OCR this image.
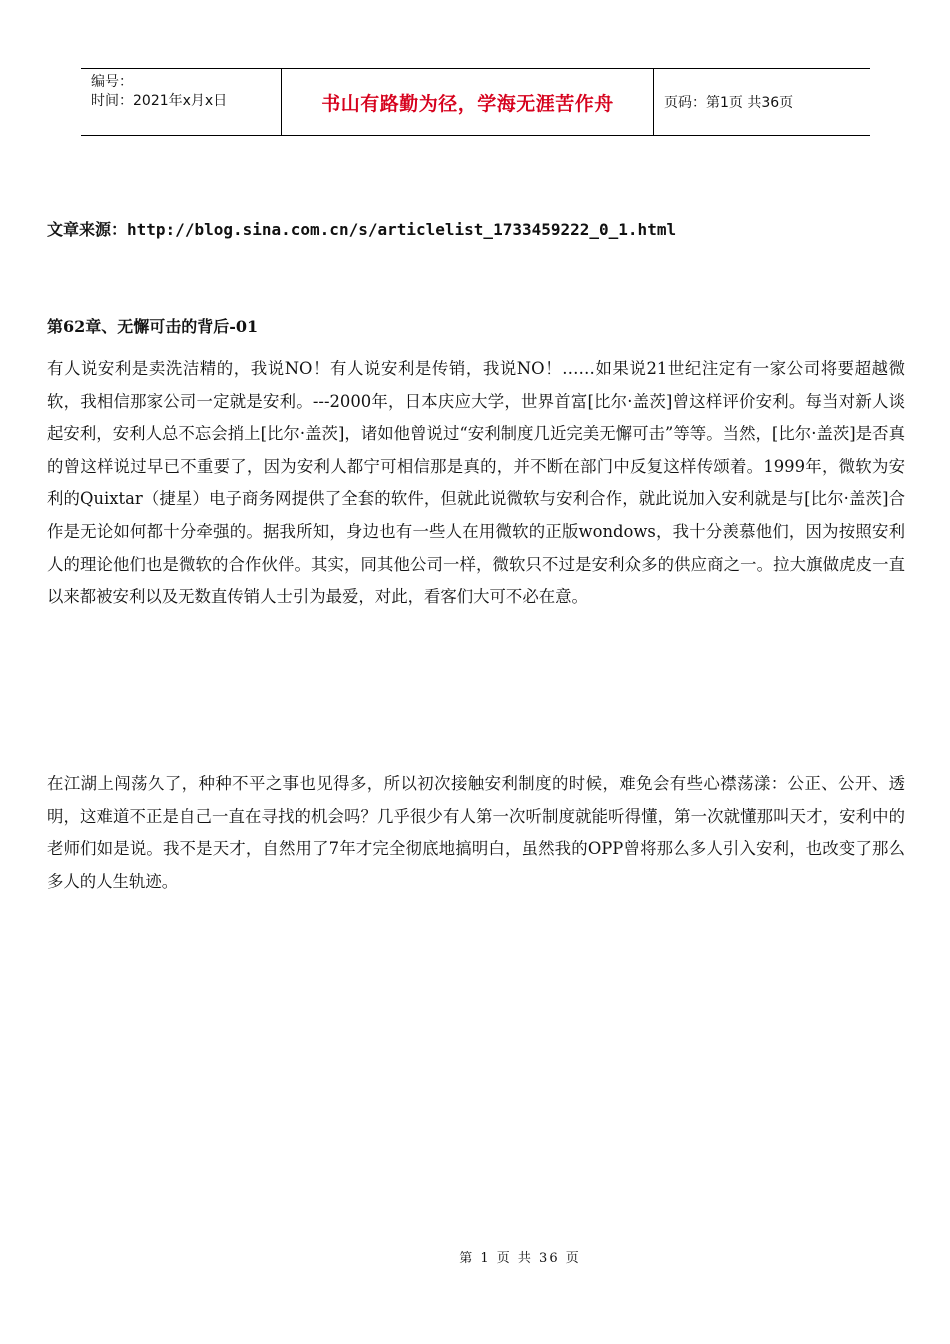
编号：
时间：2021年x月x日	书山有路勤为径，学海无涯苦作舟	页码：第1页 共36页
文章来源：http://blog.sina.com.cn/s/articlelist_1733459222_0_1.html
第62章、无懈可击的背后-01
有人说安利是卖洗洁精的，我说NO！有人说安利是传销，我说NO！……如果说21世纪注定有一家公司将要超越微软，我相信那家公司一定就是安利。---2000年，日本庆应大学，世界首富[比尔·盖茨]曾这样评价安利。每当对新人谈起安利，安利人总不忘会捎上[比尔·盖茨]，诸如他曾说过“安利制度几近完美无懈可击”等等。当然，[比尔·盖茨]是否真的曾这样说过早已不重要了，因为安利人都宁可相信那是真的，并不断在部门中反复这样传颂着。1999年，微软为安利的Quixtar（捷星）电子商务网提供了全套的软件，但就此说微软与安利合作，就此说加入安利就是与[比尔·盖茨]合作是无论如何都十分牵强的。据我所知，身边也有一些人在用微软的正版wondows，我十分羡慕他们，因为按照安利人的理论他们也是微软的合作伙伴。其实，同其他公司一样，微软只不过是安利众多的供应商之一。拉大旗做虎皮一直以来都被安利以及无数直传销人士引为最爱，对此，看客们大可不必在意。
在江湖上闯荡久了，种种不平之事也见得多，所以初次接触安利制度的时候，难免会有些心襟荡漾：公正、公开、透明，这难道不正是自己一直在寻找的机会吗？几乎很少有人第一次听制度就能听得懂，第一次就懂那叫天才，安利中的老师们如是说。我不是天才，自然用了7年才完全彻底地搞明白，虽然我的OPP曾将那么多人引入安利，也改变了那么多人的人生轨迹。
第 1 页 共 36 页
